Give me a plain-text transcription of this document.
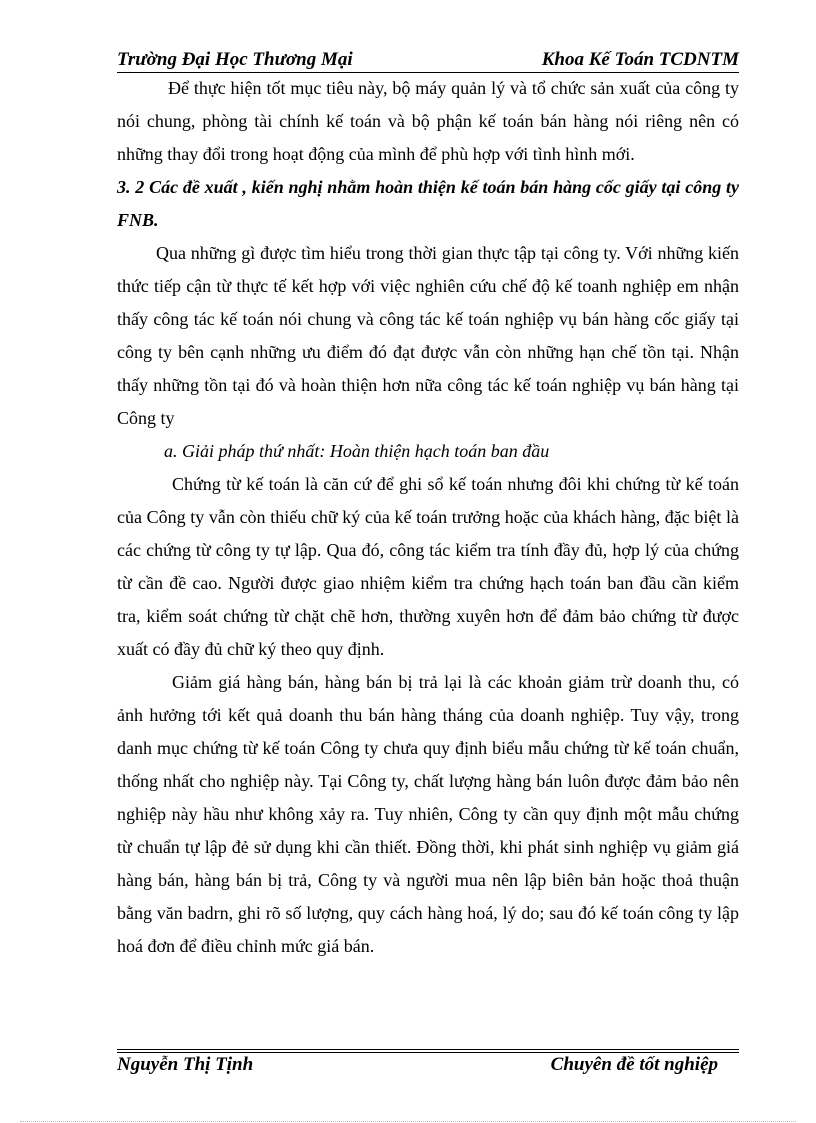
Trường Đại Học Thương Mại	Khoa Kế Toán TCDNTM

Để thực hiện tốt mục tiêu này, bộ máy quản lý và tổ chức sản xuất của công ty nói chung, phòng tài chính kế toán và bộ phận kế toán bán hàng nói riêng nên có những thay đổi trong hoạt động của mình để phù hợp với tình hình mới.

3. 2 Các đề xuất , kiến nghị nhằm hoàn thiện kế toán bán hàng cốc giấy tại công ty FNB.

Qua những gì được tìm hiểu trong thời gian thực tập tại công ty. Với những kiến thức tiếp cận từ thực tế kết hợp với việc nghiên cứu chế độ kế toanh nghiệp em nhận thấy công tác kế toán nói chung và công tác kế toán nghiệp vụ bán hàng cốc giấy tại công ty bên cạnh những ưu điểm đó đạt được vẫn còn những hạn chế tồn tại. Nhận thấy những tồn tại đó và hoàn thiện hơn nữa công tác kế toán nghiệp vụ bán hàng tại Công ty

a. Giải pháp thứ nhất: Hoàn thiện hạch toán ban đầu

Chứng từ kế toán là căn cứ để ghi sổ kế toán nhưng đôi khi chứng từ kế toán của Công ty vẫn còn thiếu chữ ký của kế toán trưởng hoặc của khách hàng, đặc biệt là các chứng từ công ty tự lập. Qua đó, công tác kiểm tra tính đầy đủ, hợp lý của chứng từ cần đề cao. Người được giao nhiệm kiểm tra chứng hạch toán ban đầu cần kiểm tra, kiểm soát chứng từ chặt chẽ hơn, thường xuyên hơn để đảm bảo chứng từ được xuất có đầy đủ chữ ký theo quy định.

Giảm giá hàng bán, hàng bán bị trả lại là các khoản giảm trừ doanh thu, có ảnh hưởng tới kết quả doanh thu bán hàng tháng của doanh nghiệp. Tuy vậy, trong danh mục chứng từ kế toán Công ty chưa quy định biểu mẫu chứng từ kế toán chuẩn, thống nhất cho nghiệp này. Tại Công ty, chất lượng hàng bán luôn được đảm bảo nên nghiệp này hầu như không xảy ra. Tuy nhiên, Công ty cần quy định một mẫu chứng từ chuẩn tự lập đẻ sử dụng khi cần thiết. Đồng thời, khi phát sinh nghiệp vụ giảm giá hàng bán, hàng bán bị trả, Công ty và người mua nên lập biên bản hoặc thoả thuận bằng văn badrn, ghi rõ số lượng, quy cách hàng hoá, lý do; sau đó kế toán công ty lập hoá đơn để điều chỉnh mức giá bán.

Nguyễn Thị Tịnh	Chuyên đề tốt nghiệp
